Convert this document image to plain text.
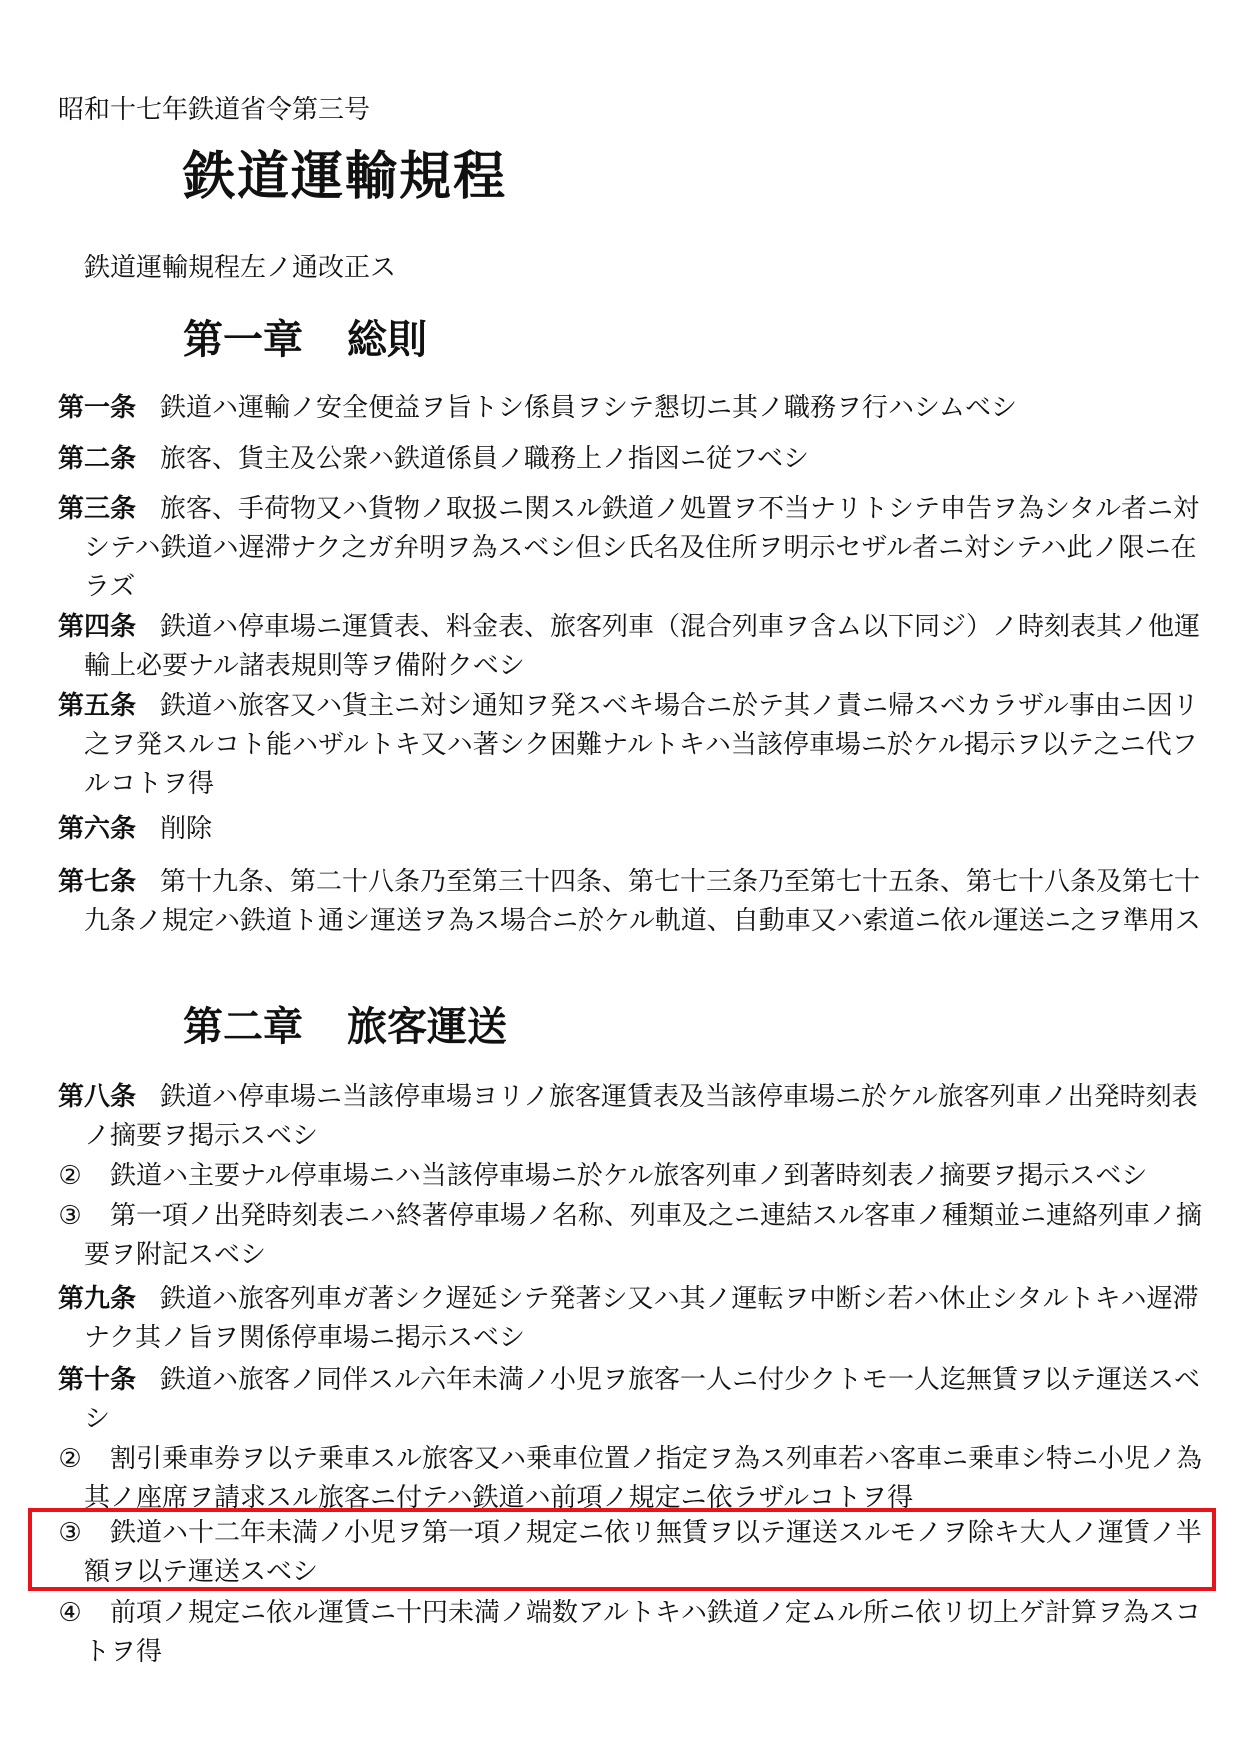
昭和十七年鉄道省令第三号
鉄道運輸規程
鉄道運輸規程左ノ通改正ス
第一章 総則
第一条 鉄道ハ運輸ノ安全便益ヲ旨トシ係員ヲシテ懇切ニ其ノ職務ヲ行ハシムベシ
第二条 旅客、貨主及公衆ハ鉄道係員ノ職務上ノ指図ニ従フベシ
第三条 旅客、手荷物又ハ貨物ノ取扱ニ関スル鉄道ノ処置ヲ不当ナリトシテ申告ヲ為シタル者ニ対シテハ鉄道ハ遅滞ナク之ガ弁明ヲ為スベシ但シ氏名及住所ヲ明示セザル者ニ対シテハ此ノ限ニ在ラズ
第四条 鉄道ハ停車場ニ運賃表、料金表、旅客列車（混合列車ヲ含ム以下同ジ）ノ時刻表其ノ他運輸上必要ナル諸表規則等ヲ備附クベシ
第五条 鉄道ハ旅客又ハ貨主ニ対シ通知ヲ発スベキ場合ニ於テ其ノ責ニ帰スベカラザル事由ニ因リ之ヲ発スルコト能ハザルトキ又ハ著シク困難ナルトキハ当該停車場ニ於ケル掲示ヲ以テ之ニ代フルコトヲ得
第六条 削除
第七条 第十九条、第二十八条乃至第三十四条、第七十三条乃至第七十五条、第七十八条及第七十九条ノ規定ハ鉄道ト通シ運送ヲ為ス場合ニ於ケル軌道、自動車又ハ索道ニ依ル運送ニ之ヲ準用ス
第二章 旅客運送
第八条 鉄道ハ停車場ニ当該停車場ヨリノ旅客運賃表及当該停車場ニ於ケル旅客列車ノ出発時刻表ノ摘要ヲ掲示スベシ
② 鉄道ハ主要ナル停車場ニハ当該停車場ニ於ケル旅客列車ノ到著時刻表ノ摘要ヲ掲示スベシ
③ 第一項ノ出発時刻表ニハ終著停車場ノ名称、列車及之ニ連結スル客車ノ種類並ニ連絡列車ノ摘要ヲ附記スベシ
第九条 鉄道ハ旅客列車ガ著シク遅延シテ発著シ又ハ其ノ運転ヲ中断シ若ハ休止シタルトキハ遅滞ナク其ノ旨ヲ関係停車場ニ掲示スベシ
第十条 鉄道ハ旅客ノ同伴スル六年未満ノ小児ヲ旅客一人ニ付少クトモ一人迄無賃ヲ以テ運送スベシ
② 割引乗車券ヲ以テ乗車スル旅客又ハ乗車位置ノ指定ヲ為ス列車若ハ客車ニ乗車シ特ニ小児ノ為其ノ座席ヲ請求スル旅客ニ付テハ鉄道ハ前項ノ規定ニ依ラザルコトヲ得
③ 鉄道ハ十二年未満ノ小児ヲ第一項ノ規定ニ依リ無賃ヲ以テ運送スルモノヲ除キ大人ノ運賃ノ半額ヲ以テ運送スベシ
④ 前項ノ規定ニ依ル運賃ニ十円未満ノ端数アルトキハ鉄道ノ定ムル所ニ依リ切上ゲ計算ヲ為スコトヲ得
